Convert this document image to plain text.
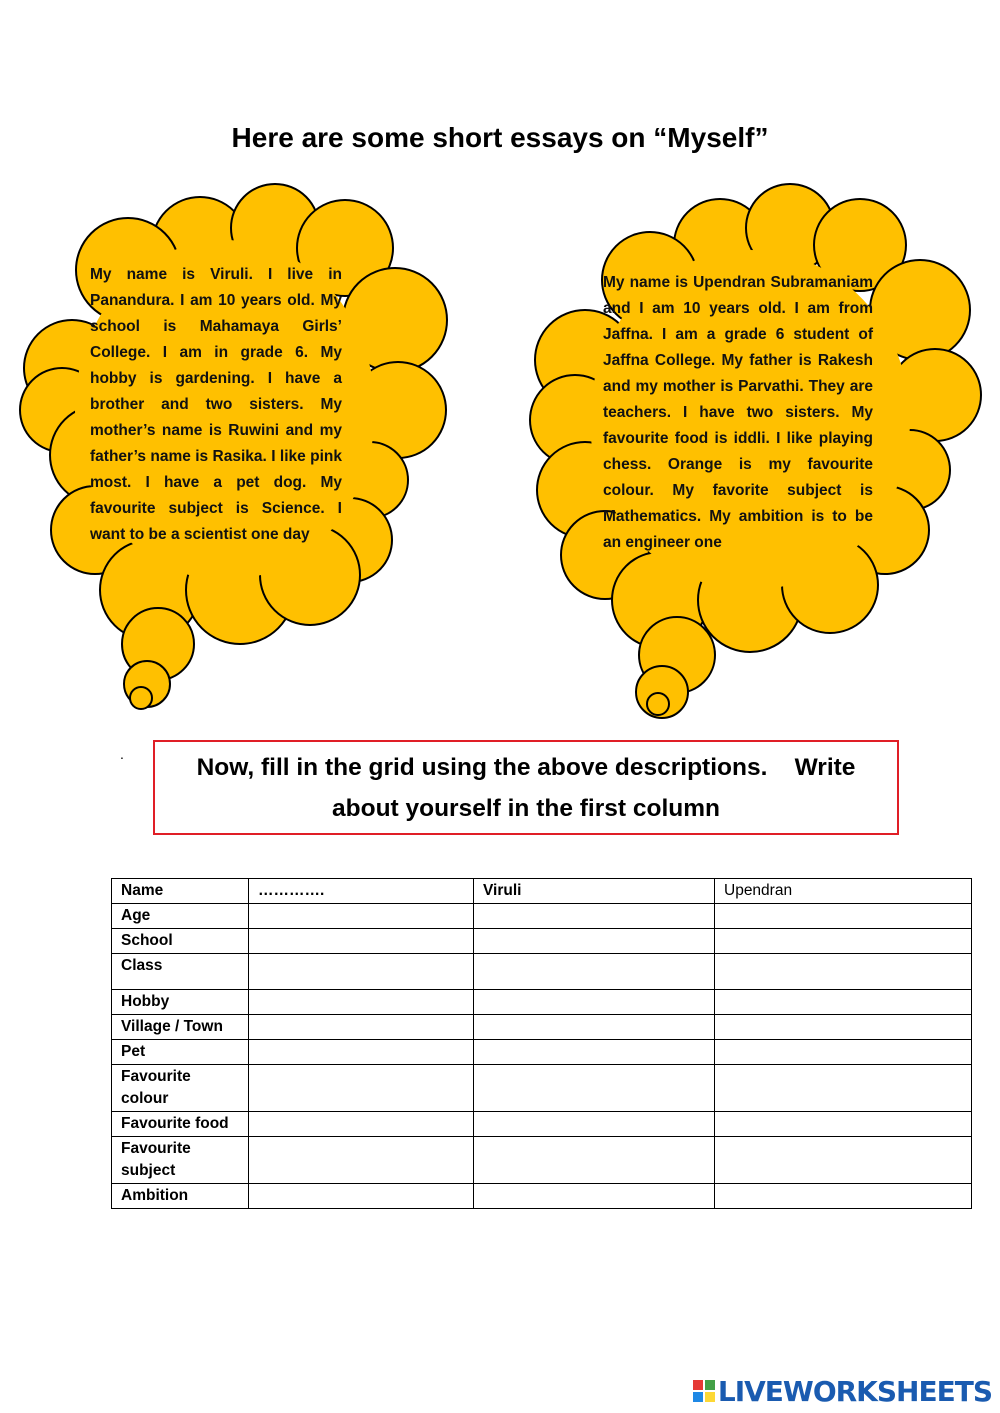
Here are some short essays on “Myself”
My name is Viruli. I live in Panandura. I am 10 years old. My school is Mahamaya Girls’ College. I am in grade 6. My hobby is gardening. I have a brother and two sisters. My mother’s name is Ruwini and my father’s name is Rasika. I like pink most. I have a pet dog. My favourite subject is Science. I want to be a scientist one day
My name is Upendran Subramaniam and I am 10 years old. I am from Jaffna. I am a grade 6 student of Jaffna College. My father is Rakesh and my mother is Parvathi. They are teachers. I have two sisters. My favourite food is iddli. I like playing chess. Orange is my favourite colour. My favorite subject is Mathematics. My ambition is to be an engineer one
.	Now, fill in the grid using the above descriptions.    Write about yourself in the first column
Name	………….	Viruli	Upendran
Age			
School			
Class			
Hobby			
Village / Town			
Pet			
Favourite colour			
Favourite food			
Favourite subject			
Ambition			
LIVEWORKSHEETS
